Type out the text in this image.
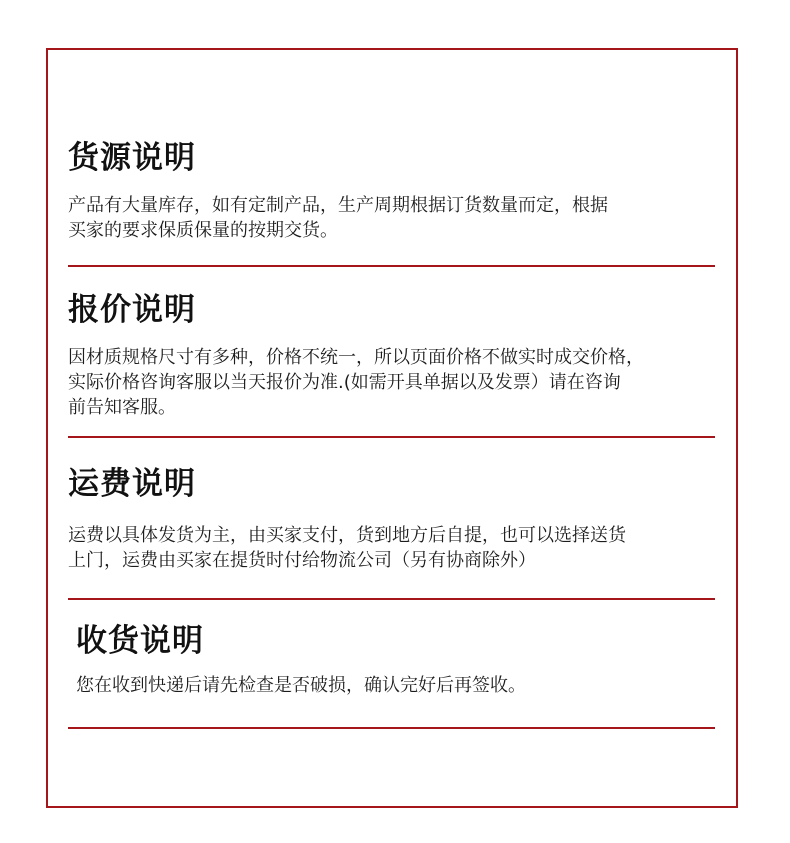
货源说明

产品有大量库存，如有定制产品，生产周期根据订货数量而定，根据
买家的要求保质保量的按期交货。

报价说明

因材质规格尺寸有多种，价格不统一，所以页面价格不做实时成交价格，
实际价格咨询客服以当天报价为准.(如需开具单据以及发票）请在咨询
前告知客服。

运费说明

运费以具体发货为主，由买家支付，货到地方后自提，也可以选择送货
上门，运费由买家在提货时付给物流公司（另有协商除外）

收货说明

您在收到快递后请先检查是否破损，确认完好后再签收。
